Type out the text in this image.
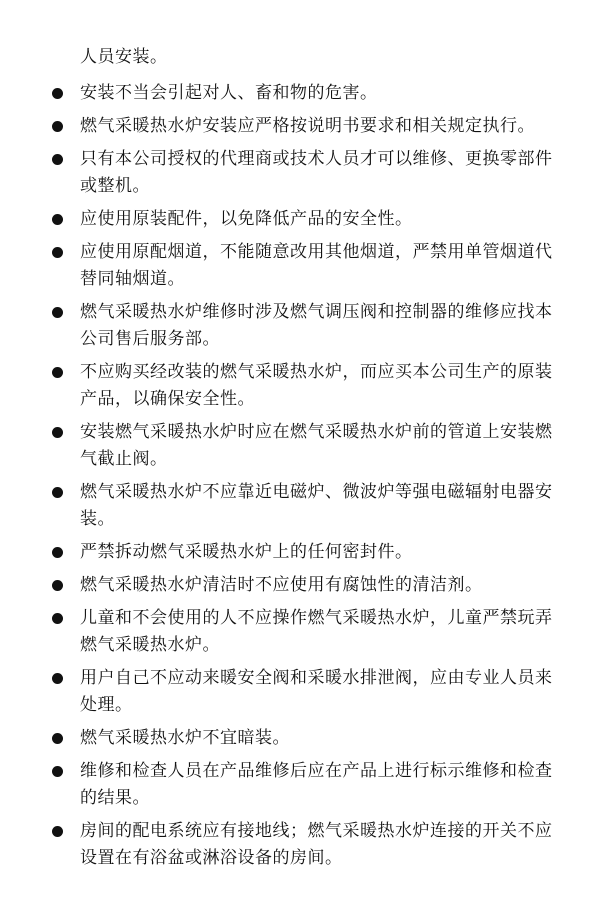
人员安装。
安装不当会引起对人、畜和物的危害。
燃气采暖热水炉安装应严格按说明书要求和相关规定执行。
只有本公司授权的代理商或技术人员才可以维修、更换零部件或整机。
应使用原装配件，以免降低产品的安全性。
应使用原配烟道，不能随意改用其他烟道，严禁用单管烟道代替同轴烟道。
燃气采暖热水炉维修时涉及燃气调压阀和控制器的维修应找本公司售后服务部。
不应购买经改装的燃气采暖热水炉，而应买本公司生产的原装产品，以确保安全性。
安装燃气采暖热水炉时应在燃气采暖热水炉前的管道上安装燃气截止阀。
燃气采暖热水炉不应靠近电磁炉、微波炉等强电磁辐射电器安装。
严禁拆动燃气采暖热水炉上的任何密封件。
燃气采暖热水炉清洁时不应使用有腐蚀性的清洁剂。
儿童和不会使用的人不应操作燃气采暖热水炉，儿童严禁玩弄燃气采暖热水炉。
用户自己不应动来暖安全阀和采暖水排泄阀，应由专业人员来处理。
燃气采暖热水炉不宜暗装。
维修和检查人员在产品维修后应在产品上进行标示维修和检查的结果。
房间的配电系统应有接地线；燃气采暖热水炉连接的开关不应设置在有浴盆或淋浴设备的房间。
